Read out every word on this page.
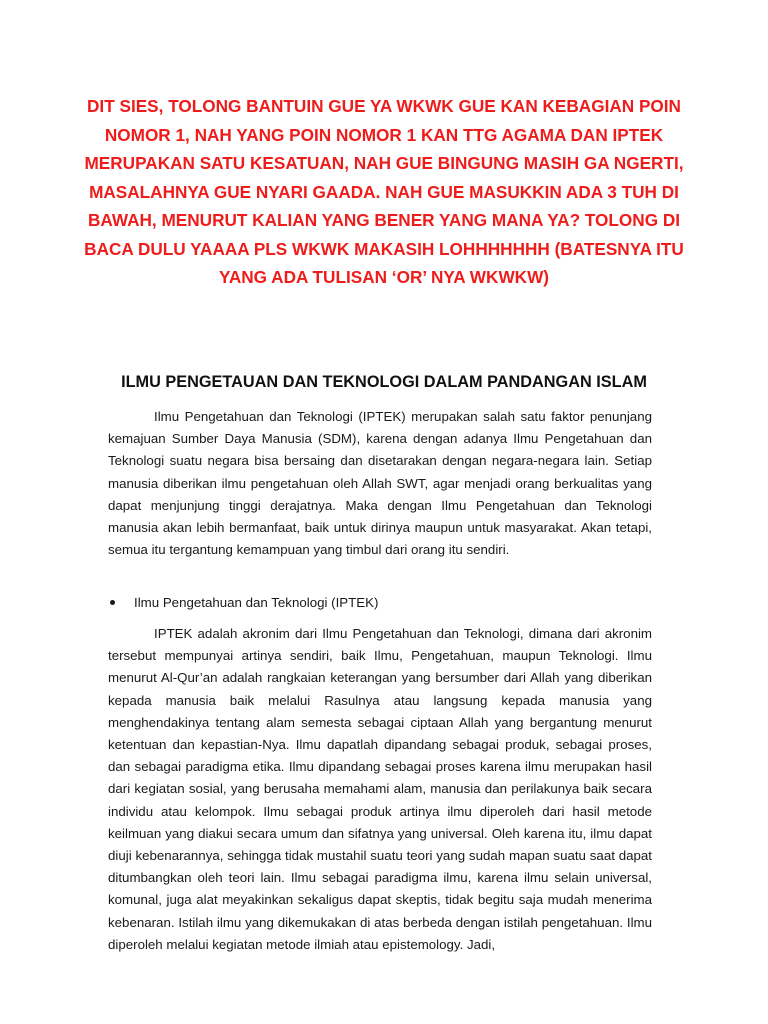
DIT SIES, TOLONG BANTUIN GUE YA WKWK GUE KAN KEBAGIAN POIN NOMOR 1, NAH YANG POIN NOMOR 1 KAN TTG AGAMA DAN IPTEK MERUPAKAN SATU KESATUAN, NAH GUE BINGUNG MASIH GA NGERTI, MASALAHNYA GUE NYARI GAADA. NAH GUE MASUKKIN ADA 3 TUH DI BAWAH, MENURUT KALIAN YANG BENER YANG MANA YA? TOLONG DI BACA DULU YAAAA PLS WKWK MAKASIH LOHHHHHHH (BATESNYA ITU YANG ADA TULISAN ‘OR’ NYA WKWKW)

ILMU PENGETAUAN DAN TEKNOLOGI DALAM PANDANGAN ISLAM

Ilmu Pengetahuan dan Teknologi (IPTEK) merupakan salah satu faktor penunjang kemajuan Sumber Daya Manusia (SDM), karena dengan adanya Ilmu Pengetahuan dan Teknologi suatu negara bisa bersaing dan disetarakan dengan negara-negara lain. Setiap manusia diberikan ilmu pengetahuan oleh Allah SWT, agar menjadi orang berkualitas yang dapat menjunjung tinggi derajatnya. Maka dengan Ilmu Pengetahuan dan Teknologi manusia akan lebih bermanfaat, baik untuk dirinya maupun untuk masyarakat. Akan tetapi, semua itu tergantung kemampuan yang timbul dari orang itu sendiri.

Ilmu Pengetahuan dan Teknologi (IPTEK)

IPTEK adalah akronim dari Ilmu Pengetahuan dan Teknologi, dimana dari akronim tersebut mempunyai artinya sendiri, baik Ilmu, Pengetahuan, maupun Teknologi. Ilmu menurut Al-Qur’an adalah rangkaian keterangan yang bersumber dari Allah yang diberikan kepada manusia baik melalui Rasulnya atau langsung kepada manusia yang menghendakinya tentang alam semesta sebagai ciptaan Allah yang bergantung menurut ketentuan dan kepastian-Nya. Ilmu dapatlah dipandang sebagai produk, sebagai proses, dan sebagai paradigma etika. Ilmu dipandang sebagai proses karena ilmu merupakan hasil dari kegiatan sosial, yang berusaha memahami alam, manusia dan perilakunya baik secara individu atau kelompok. Ilmu sebagai produk artinya ilmu diperoleh dari hasil metode keilmuan yang diakui secara umum dan sifatnya yang universal. Oleh karena itu, ilmu dapat diuji kebenarannya, sehingga tidak mustahil suatu teori yang sudah mapan suatu saat dapat ditumbangkan oleh teori lain. Ilmu sebagai paradigma ilmu, karena ilmu selain universal, komunal, juga alat meyakinkan sekaligus dapat skeptis, tidak begitu saja mudah menerima kebenaran. Istilah ilmu yang dikemukakan di atas berbeda dengan istilah pengetahuan. Ilmu diperoleh melalui kegiatan metode ilmiah atau epistemology. Jadi,
